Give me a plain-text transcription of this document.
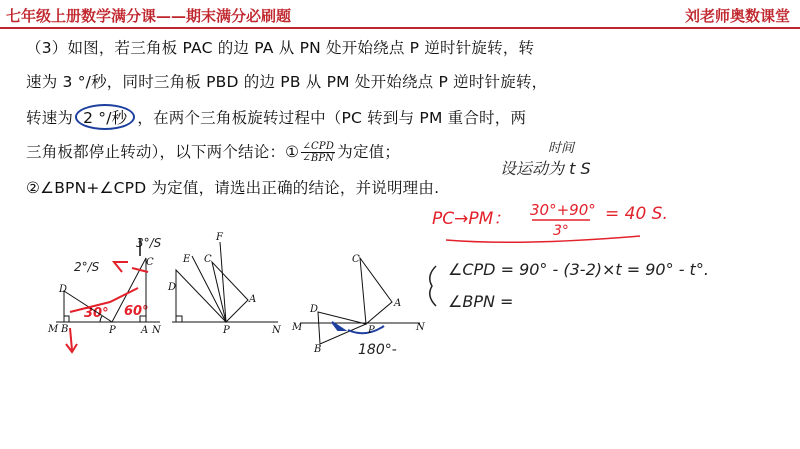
七年级上册数学满分课——期末满分必刷题	刘老师奥数课堂
（3）如图，若三角板 PAC 的边 PA 从 PN 处开始绕点 P 逆时针旋转，转
速为 3 °/秒，同时三角板 PBD 的边 PB 从 PM 处开始绕点 P 逆时针旋转，
转速为 2 °/秒 ，在两个三角板旋转过程中（PC 转到与 PM 重合时，两
三角板都停止转动），以下两个结论：① $\frac{\text{∠CPD}}{\text{∠BPN}}$ 为定值；
②∠BPN+∠CPD 为定值，请选出正确的结论，并说明理由.
时间
设运动为 t S
PC→PM： 30°+90°
3°
= 40 S.
∠CPD = 90° - (3-2)×t = 90° - t°.
∠BPN =
2°/S
3°/S
30° 60°
180°-
D
C
M B	P	A N
E
F
C
D
A
P	N
C
D
A
M	P	N
B
